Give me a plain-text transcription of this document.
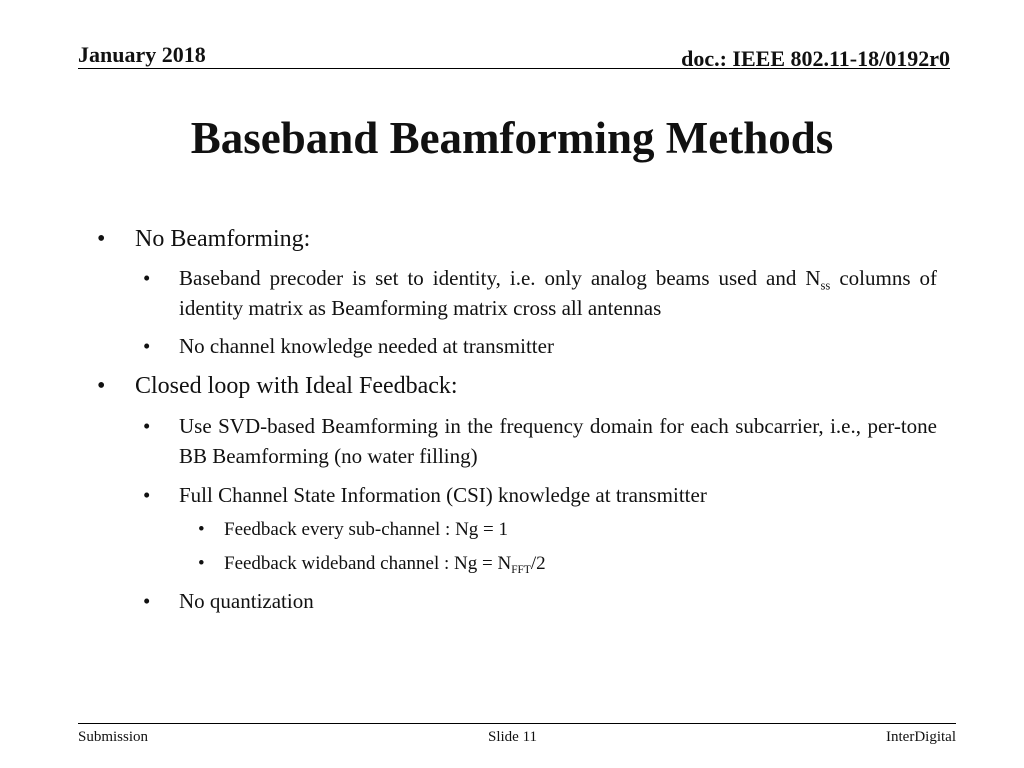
January 2018	doc.: IEEE 802.11-18/0192r0
Baseband Beamforming Methods
•	No Beamforming:
•	Baseband precoder is set to identity, i.e. only analog beams used and $N_{ss}$ columns of identity matrix as Beamforming matrix cross all antennas
•	No channel knowledge needed at transmitter
•	Closed loop with Ideal Feedback:
•	Use SVD-based Beamforming in the frequency domain for each subcarrier, i.e., per-tone BB Beamforming (no water filling)
•	Full Channel State Information (CSI) knowledge at transmitter
•	Feedback every sub-channel : Ng = 1
•	Feedback wideband channel : $Ng = N_{FFT}/2$
•	No quantization
Submission	Slide 11	InterDigital
